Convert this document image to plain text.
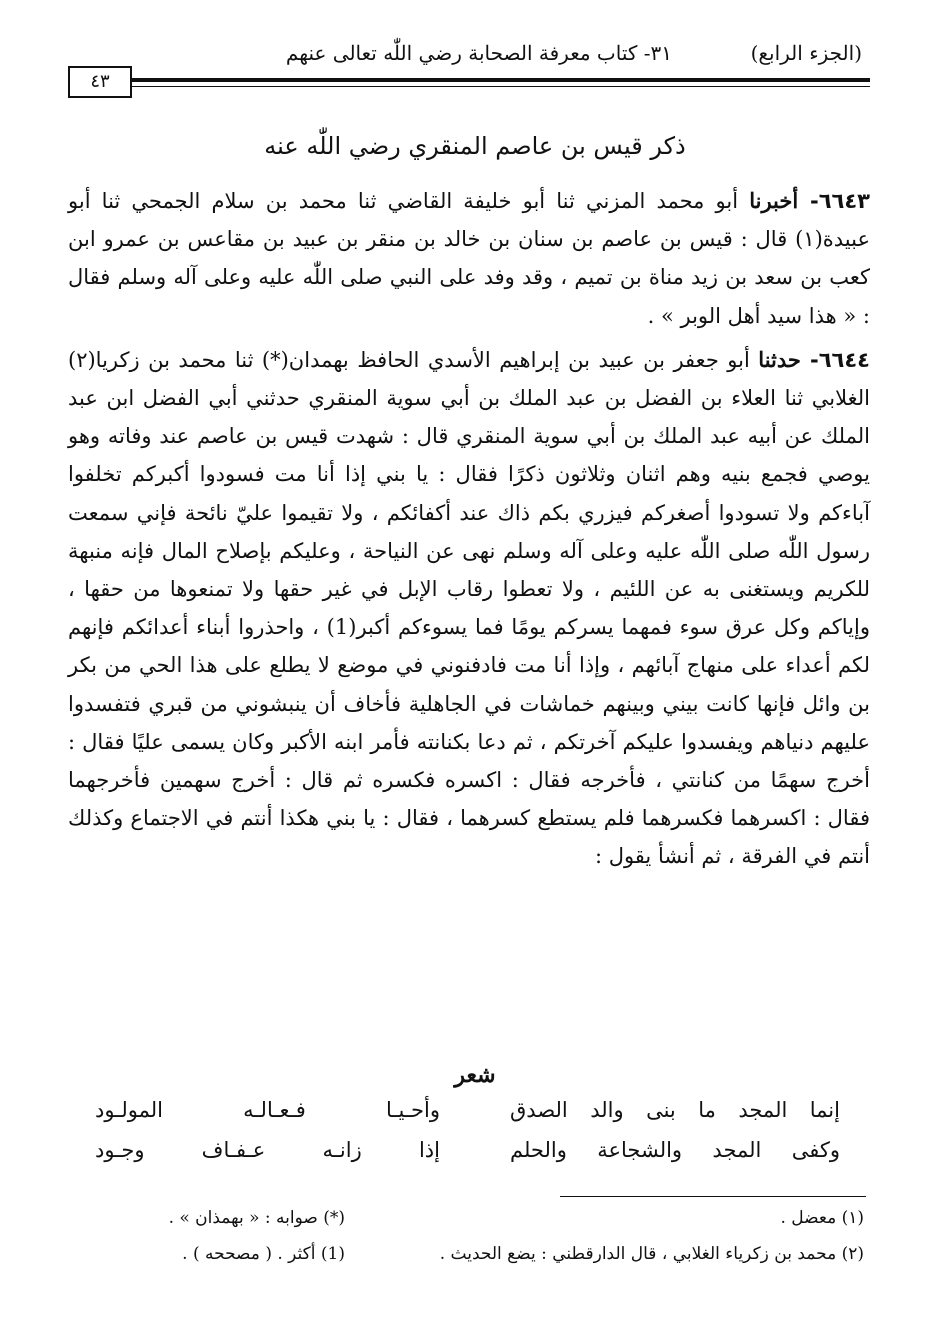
(الجزء الرابع)
٣١- كتاب معرفة الصحابة رضي اللّٰه تعالى عنهم
٤٣
ذكر قيس بن عاصم المنقري رضي اللّٰه عنه

٦٦٤٣- أخبرنا أبو محمد المزني ثنا أبو خليفة القاضي ثنا محمد بن سلام الجمحي ثنا أبو عبيدة(١) قال : قيس بن عاصم بن سنان بن خالد بن منقر بن عبيد بن مقاعس بن عمرو ابن كعب بن سعد بن زيد مناة بن تميم ، وقد وفد على النبي صلى اللّٰه عليه وعلى آله وسلم فقال : « هذا سيد أهل الوبر » .

٦٦٤٤- حدثنا أبو جعفر بن عبيد بن إبراهيم الأسدي الحافظ بهمدان(*) ثنا محمد بن زكريا(٢) الغلابي ثنا العلاء بن الفضل بن عبد الملك بن أبي سوية المنقري حدثني أبي الفضل ابن عبد الملك عن أبيه عبد الملك بن أبي سوية المنقري قال : شهدت قيس بن عاصم عند وفاته وهو يوصي فجمع بنيه وهم اثنان وثلاثون ذكرًا فقال : يا بني إذا أنا مت فسودوا أكبركم تخلفوا آباءكم ولا تسودوا أصغركم فيزري بكم ذاك عند أكفائكم ، ولا تقيموا عليّ نائحة فإني سمعت رسول اللّٰه صلى اللّٰه عليه وعلى آله وسلم نهى عن النياحة ، وعليكم بإصلاح المال فإنه منبهة للكريم ويستغنى به عن اللئيم ، ولا تعطوا رقاب الإبل في غير حقها ولا تمنعوها من حقها ، وإياكم وكل عرق سوء فمهما يسركم يومًا فما يسوءكم أكبر(1) ، واحذروا أبناء أعدائكم فإنهم لكم أعداء على منهاج آبائهم ، وإذا أنا مت فادفنوني في موضع لا يطلع على هذا الحي من بكر بن وائل فإنها كانت بيني وبينهم خماشات في الجاهلية فأخاف أن ينبشوني من قبري فتفسدوا عليهم دنياهم ويفسدوا عليكم آخرتكم ، ثم دعا بكنانته فأمر ابنه الأكبر وكان يسمى عليًا فقال : أخرج سهمًا من كنانتي ، فأخرجه فقال : اكسره فكسره ثم قال : أخرج سهمين فأخرجهما فقال : اكسرهما فكسرهما فلم يستطع كسرهما ، فقال : يا بني هكذا أنتم في الاجتماع وكذلك أنتم في الفرقة ، ثم أنشأ يقول :

شعر
إنما المجد ما بنى والد الصدق
وأحـيـا فـعـالـه المولـود
وكفى المجد والشجاعة والحلم
إذا زانـه عـفـاف وجـود
(١) معضل .
(*) صوابه : « بهمذان » .
(٢) محمد بن زكرياء الغلابي ، قال الدارقطني : يضع الحديث .
(1) أكثر . ( مصححه ) .
